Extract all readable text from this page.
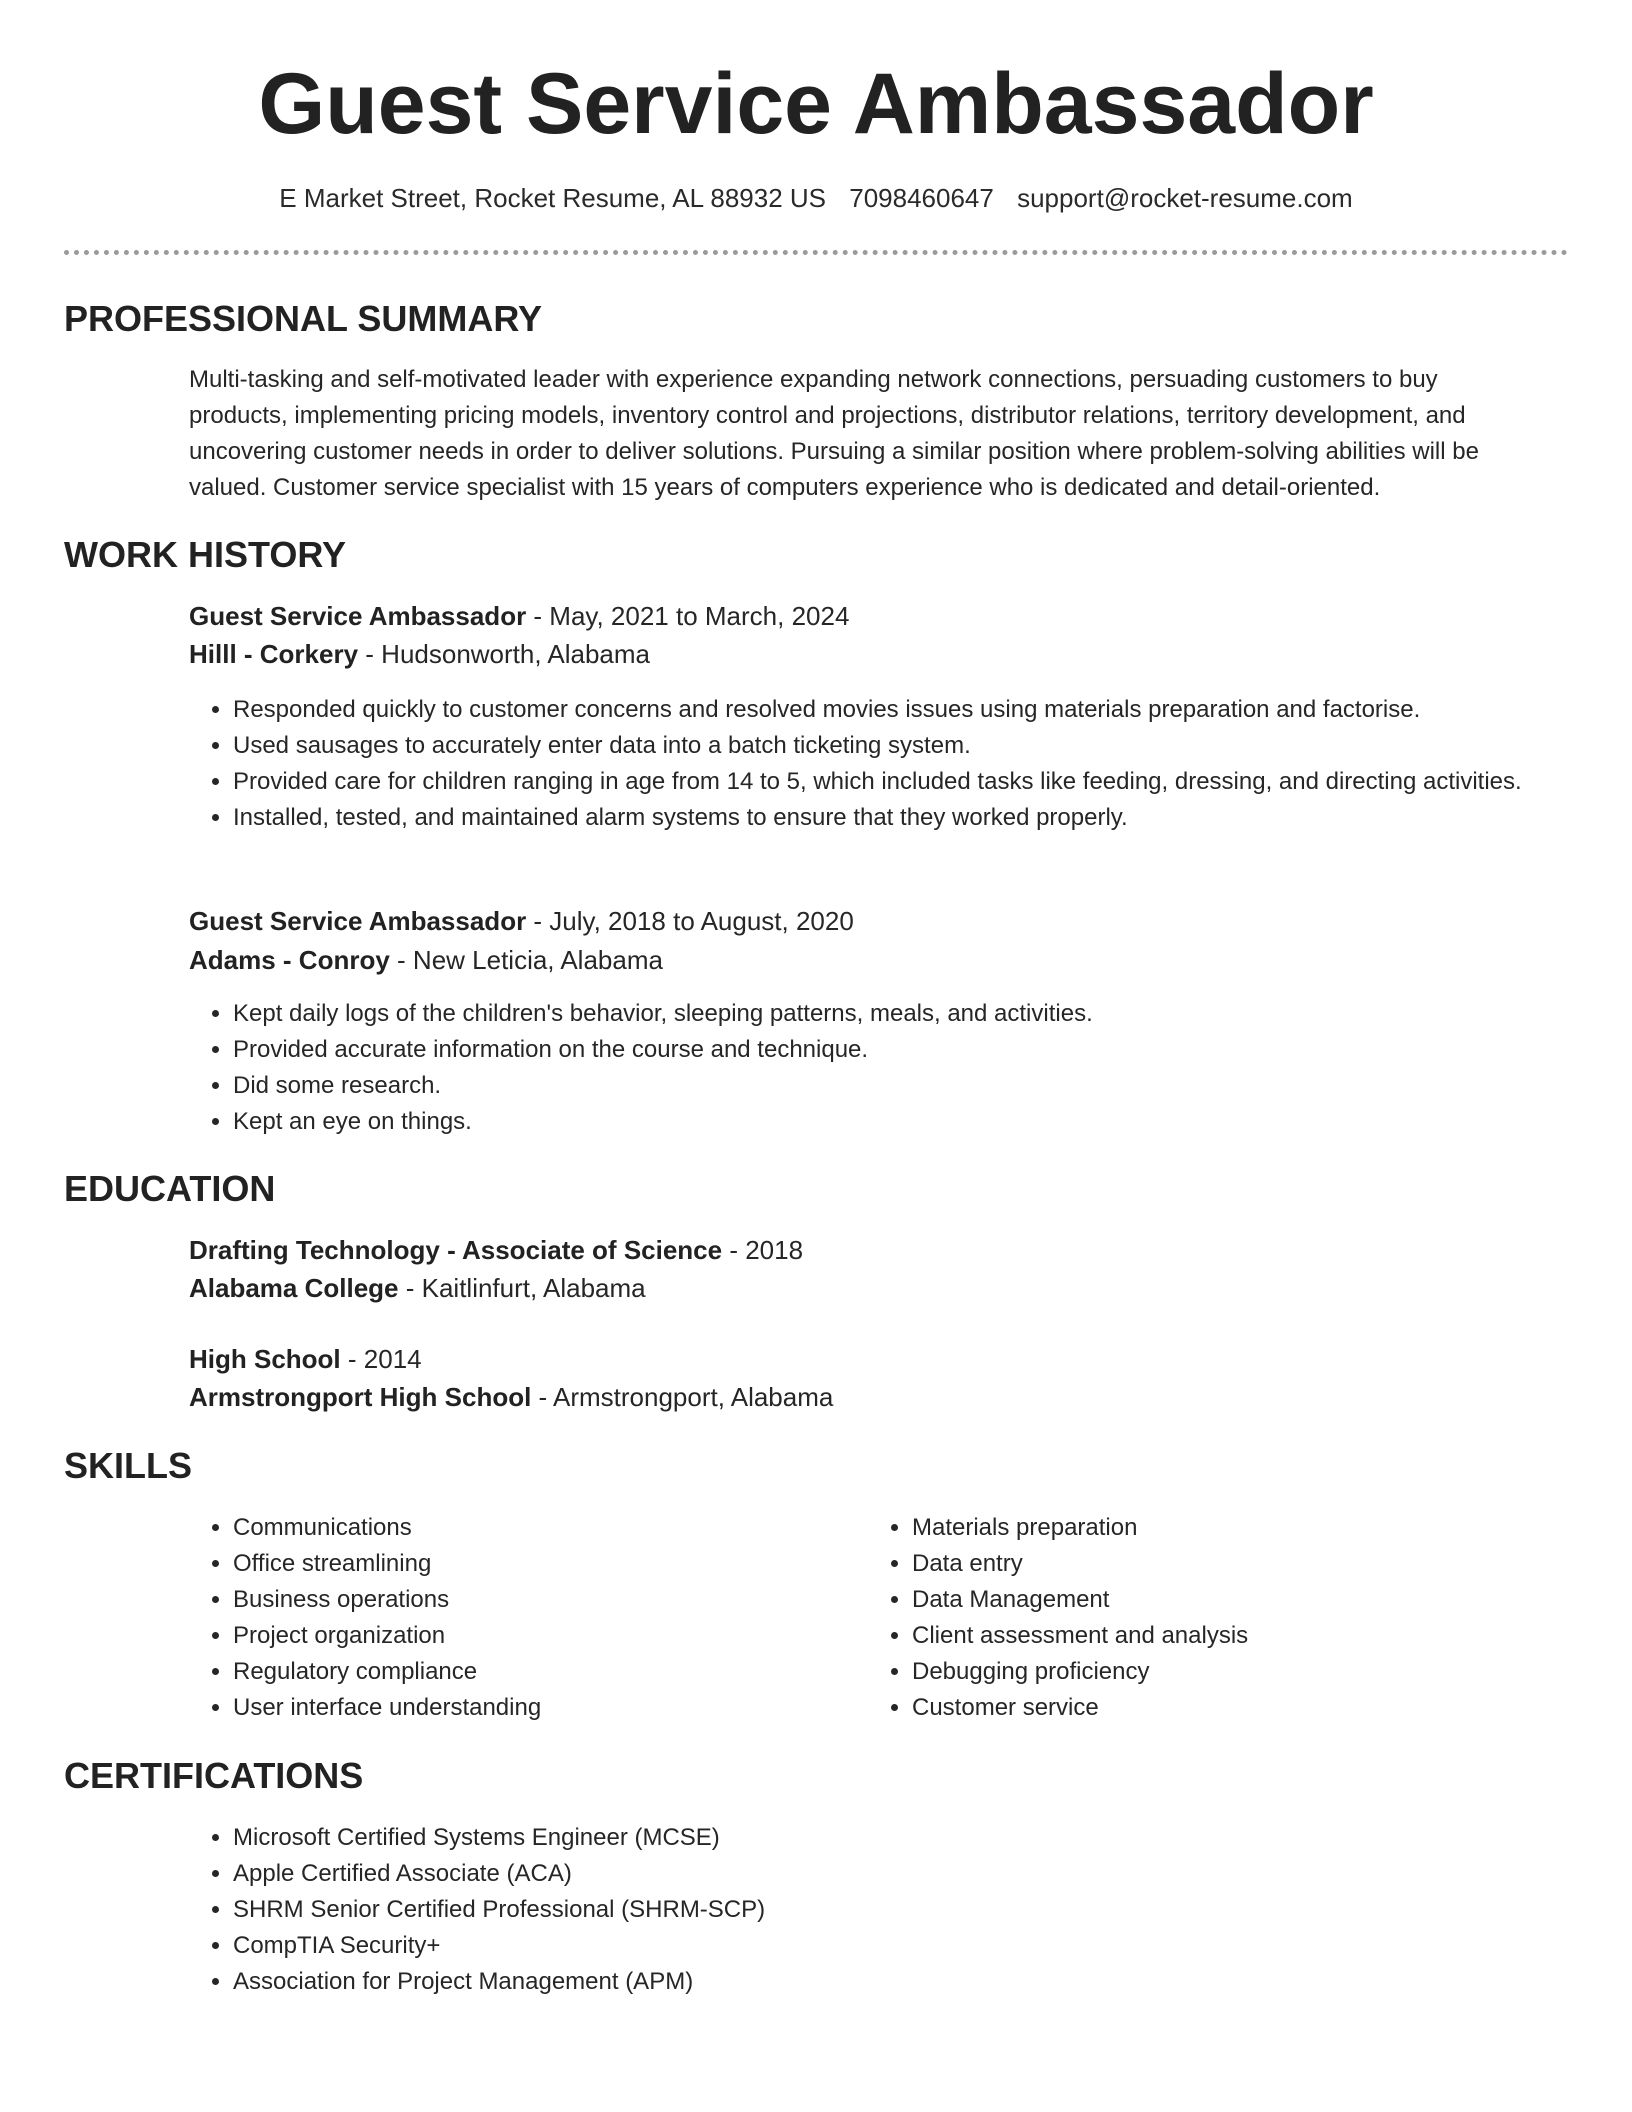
Guest Service Ambassador
E Market Street, Rocket Resume, AL 88932 US 7098460647 support@rocket-resume.com
PROFESSIONAL SUMMARY

Multi-tasking and self-motivated leader with experience expanding network connections, persuading customers to buy products, implementing pricing models, inventory control and projections, distributor relations, territory development, and uncovering customer needs in order to deliver solutions. Pursuing a similar position where problem-solving abilities will be valued. Customer service specialist with 15 years of computers experience who is dedicated and detail-oriented.

WORK HISTORY
Guest Service Ambassador - May, 2021 to March, 2024
Hilll - Corkery - Hudsonworth, Alabama
• Responded quickly to customer concerns and resolved movies issues using materials preparation and factorise.
• Used sausages to accurately enter data into a batch ticketing system.
• Provided care for children ranging in age from 14 to 5, which included tasks like feeding, dressing, and directing activities.
• Installed, tested, and maintained alarm systems to ensure that they worked properly.
Guest Service Ambassador - July, 2018 to August, 2020
Adams - Conroy - New Leticia, Alabama
• Kept daily logs of the children's behavior, sleeping patterns, meals, and activities.
• Provided accurate information on the course and technique.
• Did some research.
• Kept an eye on things.
EDUCATION
Drafting Technology - Associate of Science - 2018
Alabama College - Kaitlinfurt, Alabama
High School - 2014
Armstrongport High School - Armstrongport, Alabama
SKILLS
• Communications
• Office streamlining
• Business operations
• Project organization
• Regulatory compliance
• User interface understanding
• Materials preparation
• Data entry
• Data Management
• Client assessment and analysis
• Debugging proficiency
• Customer service
CERTIFICATIONS
• Microsoft Certified Systems Engineer (MCSE)
• Apple Certified Associate (ACA)
• SHRM Senior Certified Professional (SHRM-SCP)
• CompTIA Security+
• Association for Project Management (APM)
